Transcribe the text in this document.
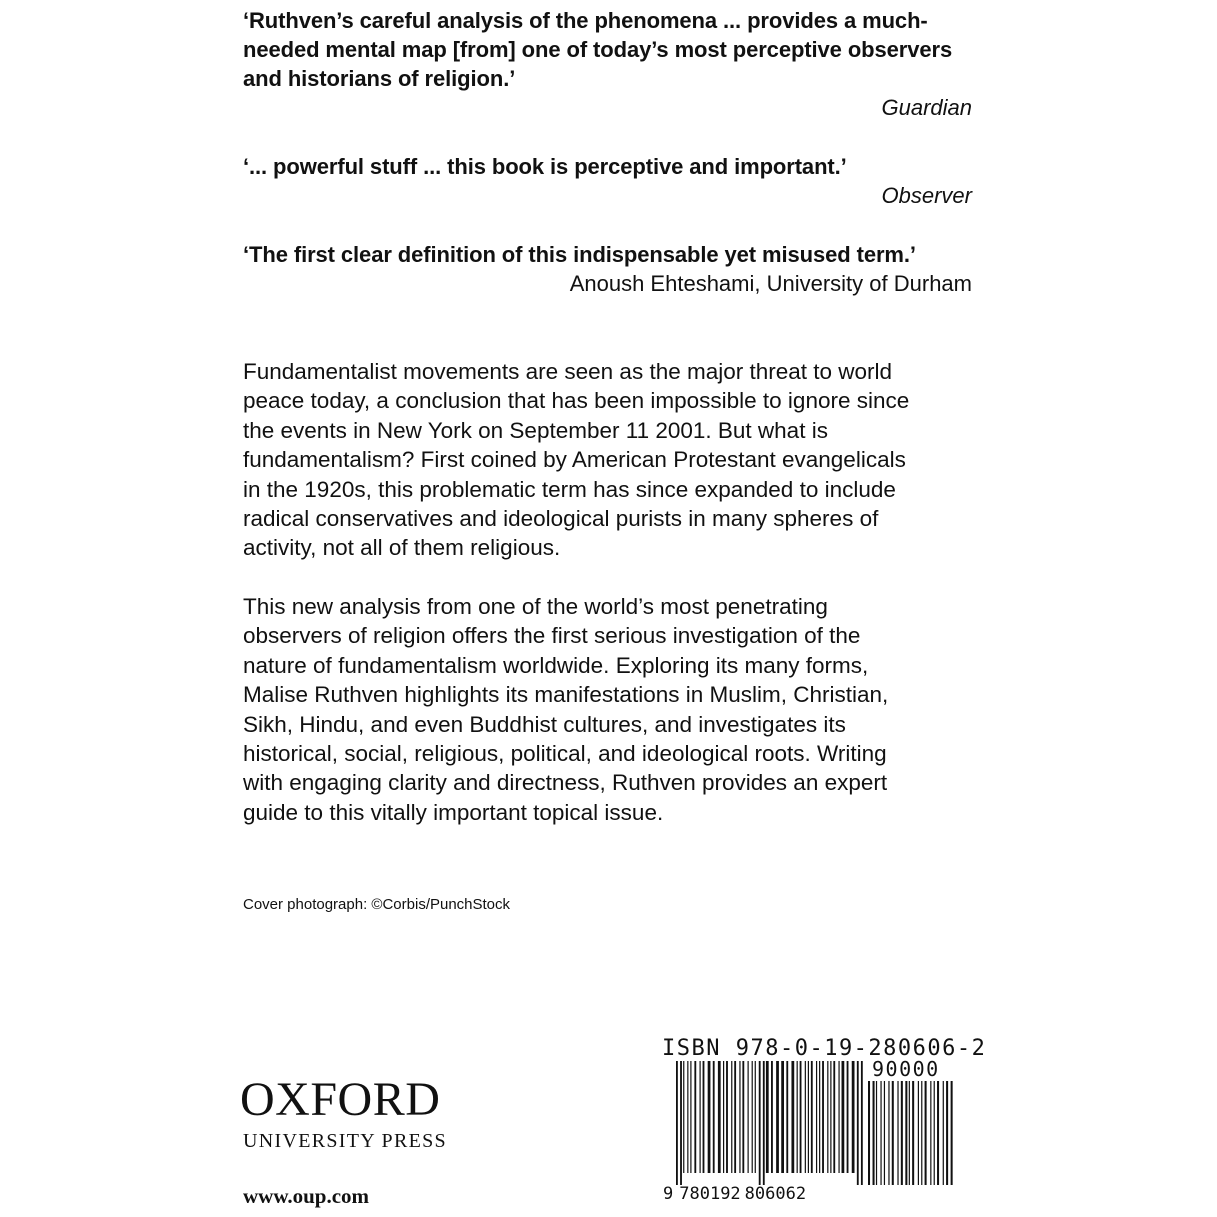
‘Ruthven’s careful analysis of the phenomena ... provides a much-
needed mental map [from] one of today’s most perceptive observers
and historians of religion.’
Guardian
‘... powerful stuff ... this book is perceptive and important.’
Observer
‘The first clear definition of this indispensable yet misused term.’
Anoush Ehteshami, University of Durham

Fundamentalist movements are seen as the major threat to world
peace today, a conclusion that has been impossible to ignore since
the events in New York on September 11 2001. But what is
fundamentalism? First coined by American Protestant evangelicals
in the 1920s, this problematic term has since expanded to include
radical conservatives and ideological purists in many spheres of
activity, not all of them religious.

This new analysis from one of the world’s most penetrating
observers of religion offers the first serious investigation of the
nature of fundamentalism worldwide. Exploring its many forms,
Malise Ruthven highlights its manifestations in Muslim, Christian,
Sikh, Hindu, and even Buddhist cultures, and investigates its
historical, social, religious, political, and ideological roots. Writing
with engaging clarity and directness, Ruthven provides an expert
guide to this vitally important topical issue.

Cover photograph: ©Corbis/PunchStock
OXFORD
UNIVERSITY PRESS
www.oup.com
ISBN 978-0-19-280606-2
90000
9 780192 806062
